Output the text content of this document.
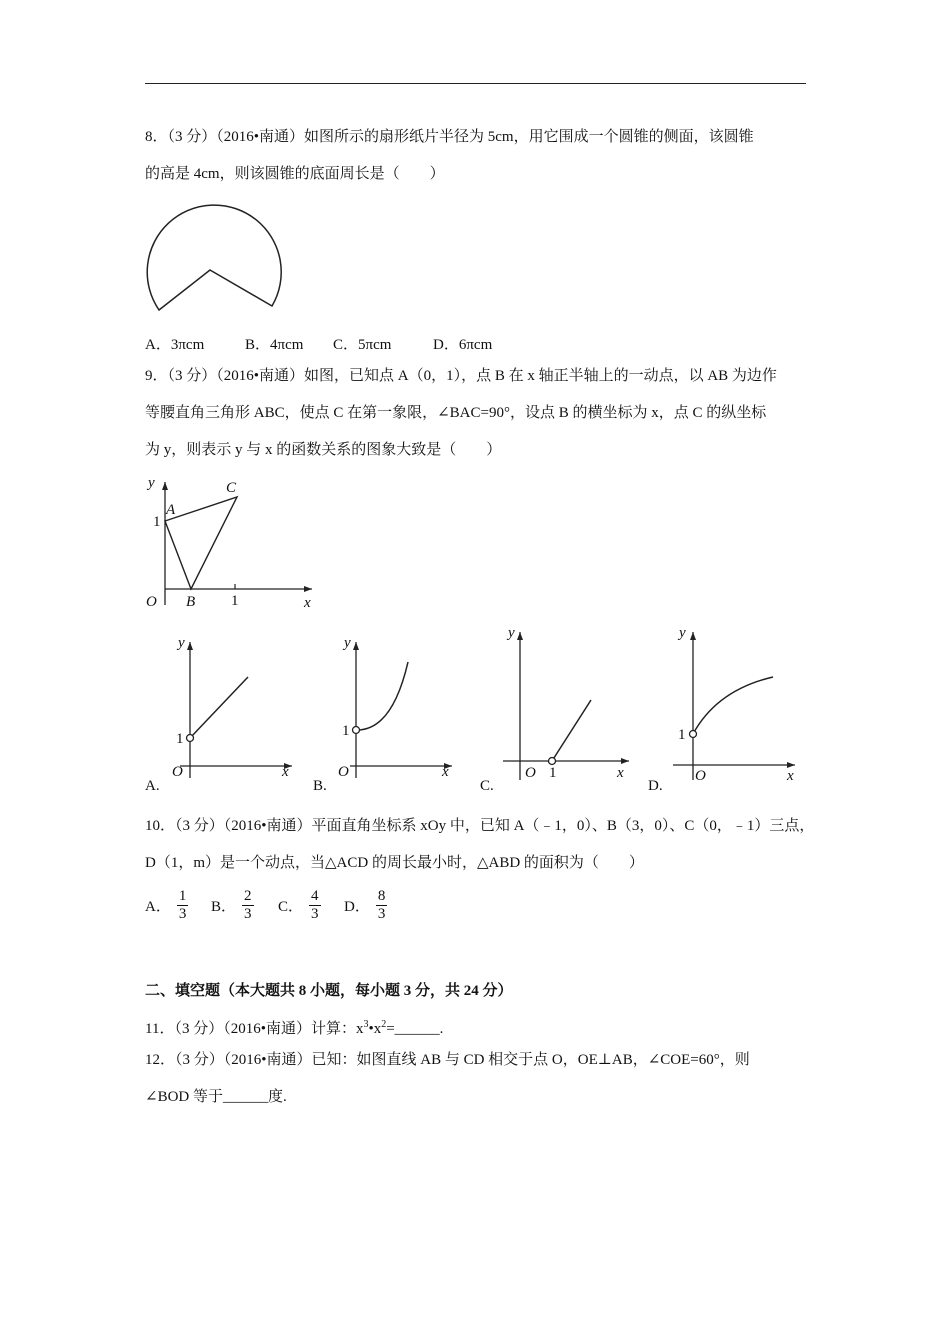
8．（3 分）（2016•南通）如图所示的扇形纸片半径为 5cm，用它围成一个圆锥的侧面，该圆锥
的高是 4cm，则该圆锥的底面周长是（　　）
A．3πcm	B．4πcm C．5πcm	D．6πcm
9．（3 分）（2016•南通）如图，已知点 A（0，1），点 B 在 x 轴正半轴上的一动点，以 AB 为边作
等腰直角三角形 ABC，使点 C 在第一象限，∠BAC=90°，设点 B 的横坐标为 x，点 C 的纵坐标
为 y，则表示 y 与 x 的函数关系的图象大致是（　　）
y
x
O
A
C
B
1
1
y
x
O
1
A.
y
x
O
1
B.
y
x
O 1
C.
y
x
O
1
D.
10．（3 分）（2016•南通）平面直角坐标系 xOy 中，已知 A（﹣1，0）、B（3，0）、C（0，﹣1）三点，
D（1，m）是一个动点，当△ACD 的周长最小时，△ABD 的面积为（　　）
A． $\frac{1}{3}$ B． $\frac{2}{3}$ C． $\frac{4}{3}$ D． $\frac{8}{3}$
二、填空题（本大题共 8 小题，每小题 3 分，共 24 分）
11．（3 分）（2016•南通）计算：$x^3•x^2=\_\_\_\_\_\_$.
12．（3 分）（2016•南通）已知：如图直线 AB 与 CD 相交于点 O，OE⊥AB，∠COE=60°，则
∠BOD 等于______度.
